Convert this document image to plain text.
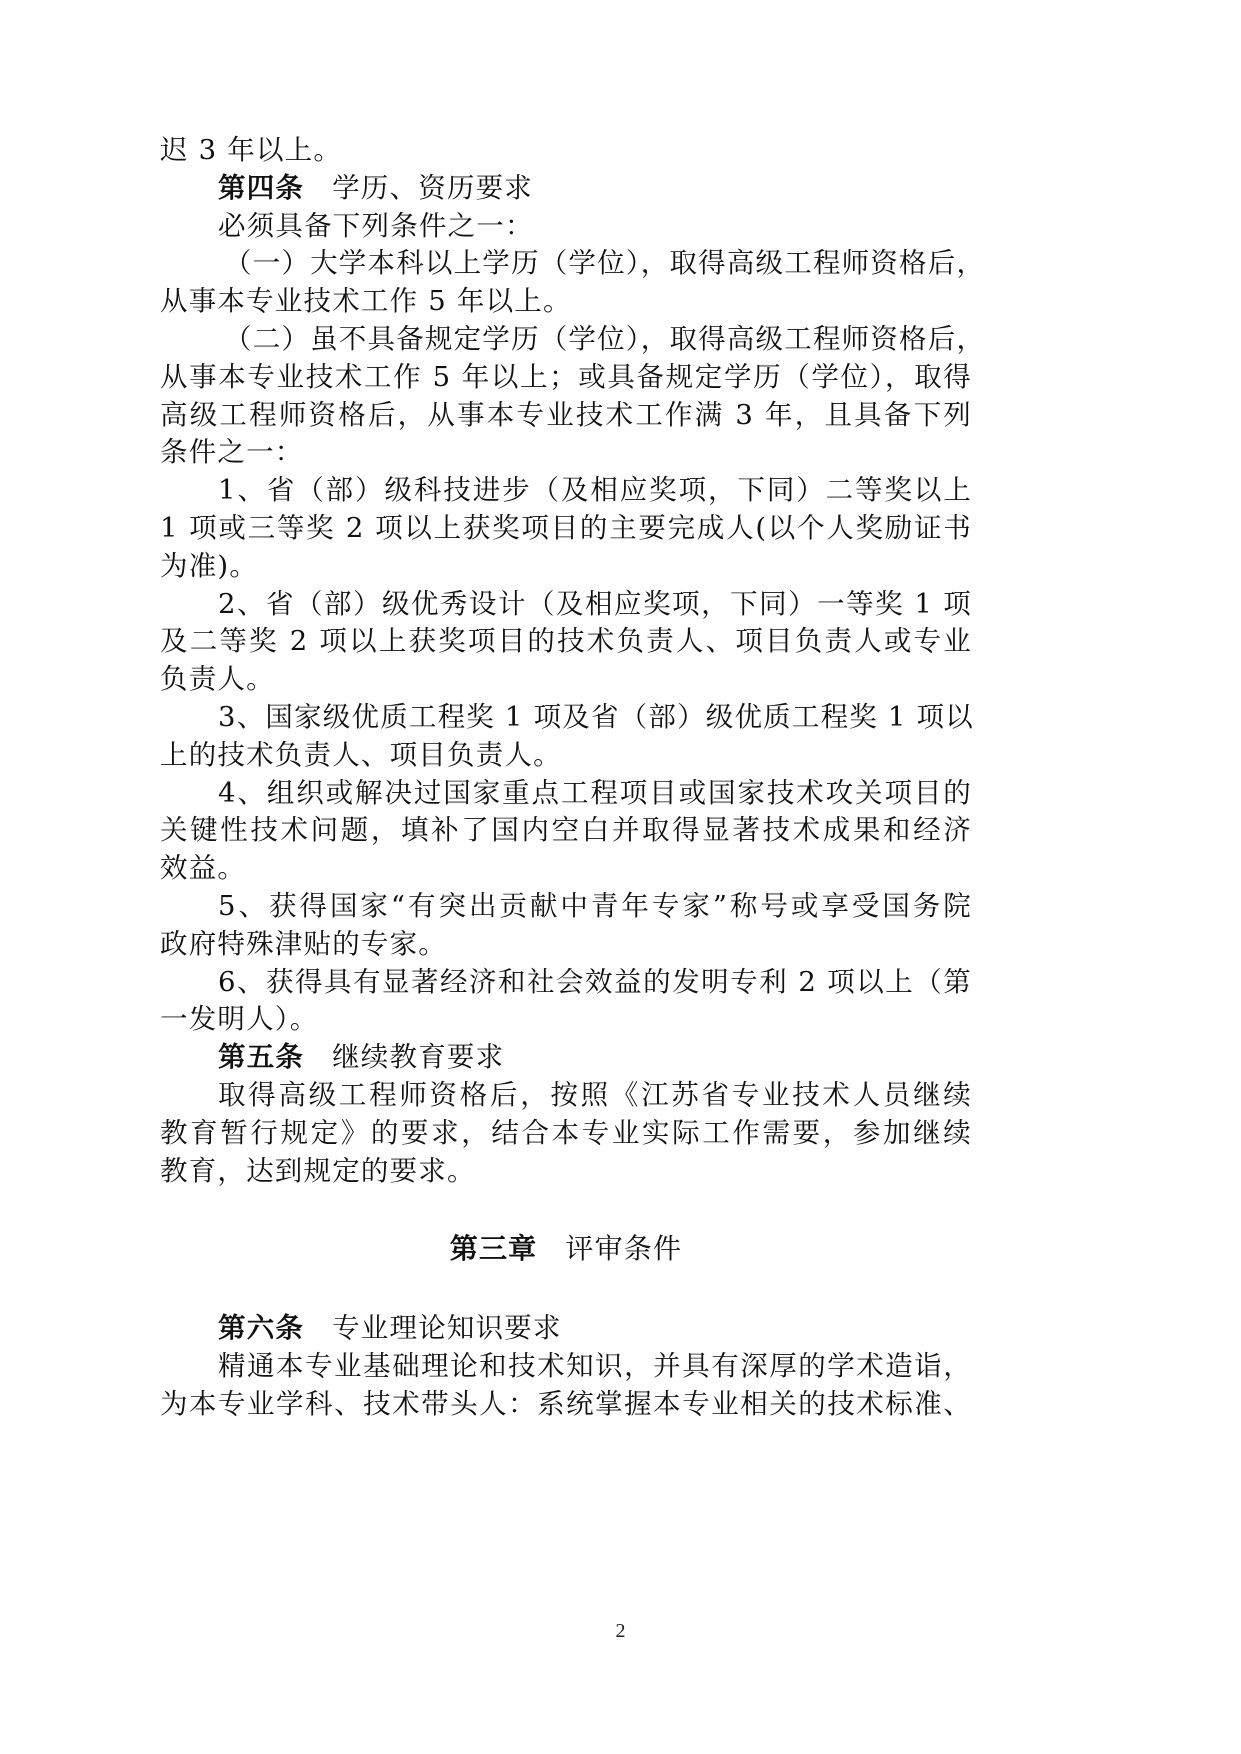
迟 3 年以上。
第四条 学历、资历要求
必须具备下列条件之一：
（一）大学本科以上学历（学位），取得高级工程师资格后，
从事本专业技术工作 5 年以上。
（二）虽不具备规定学历（学位），取得高级工程师资格后，
从事本专业技术工作 5 年以上；或具备规定学历（学位），取得
高级工程师资格后，从事本专业技术工作满 3 年，且具备下列
条件之一：
1、省（部）级科技进步（及相应奖项，下同）二等奖以上
1 项或三等奖 2 项以上获奖项目的主要完成人(以个人奖励证书
为准)。
2、省（部）级优秀设计（及相应奖项，下同）一等奖 1 项
及二等奖 2 项以上获奖项目的技术负责人、项目负责人或专业
负责人。
3、国家级优质工程奖 1 项及省（部）级优质工程奖 1 项以
上的技术负责人、项目负责人。
4、组织或解决过国家重点工程项目或国家技术攻关项目的
关键性技术问题，填补了国内空白并取得显著技术成果和经济
效益。
5、获得国家“有突出贡献中青年专家”称号或享受国务院
政府特殊津贴的专家。
6、获得具有显著经济和社会效益的发明专利 2 项以上（第
一发明人）。
第五条 继续教育要求
取得高级工程师资格后，按照《江苏省专业技术人员继续
教育暂行规定》的要求，结合本专业实际工作需要，参加继续
教育，达到规定的要求。
第三章 评审条件
第六条 专业理论知识要求
精通本专业基础理论和技术知识，并具有深厚的学术造诣，
为本专业学科、技术带头人：系统掌握本专业相关的技术标准、
2
